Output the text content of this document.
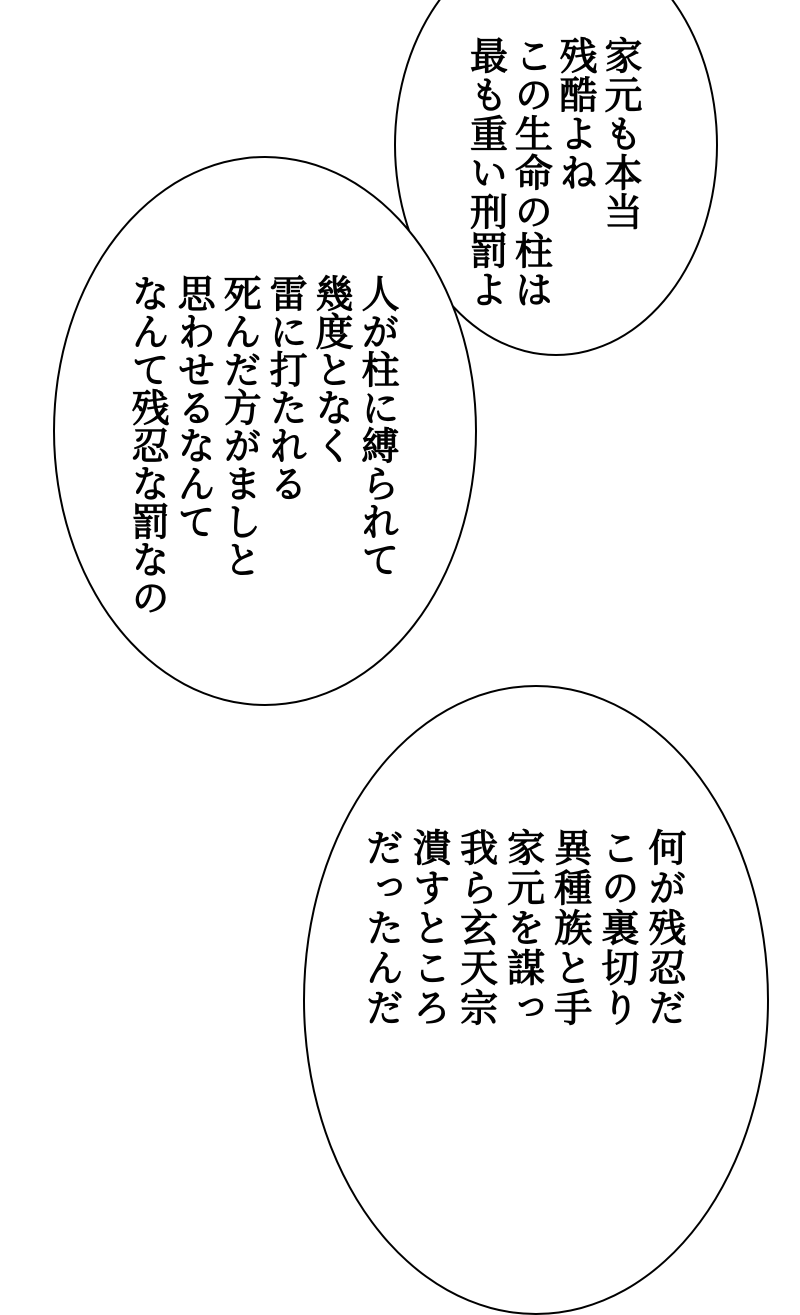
家元も本当
残酷よね
この生命の柱は
最も重い刑罰よ
人が柱に縛られて
幾度となく
雷に打たれる
死んだ方がましと
思わせるなんて
なんて残忍な罰なの
何が残忍だ
この裏切り
異種族と手
家元を謀っ
我ら玄天宗
潰すところ
だったんだ
